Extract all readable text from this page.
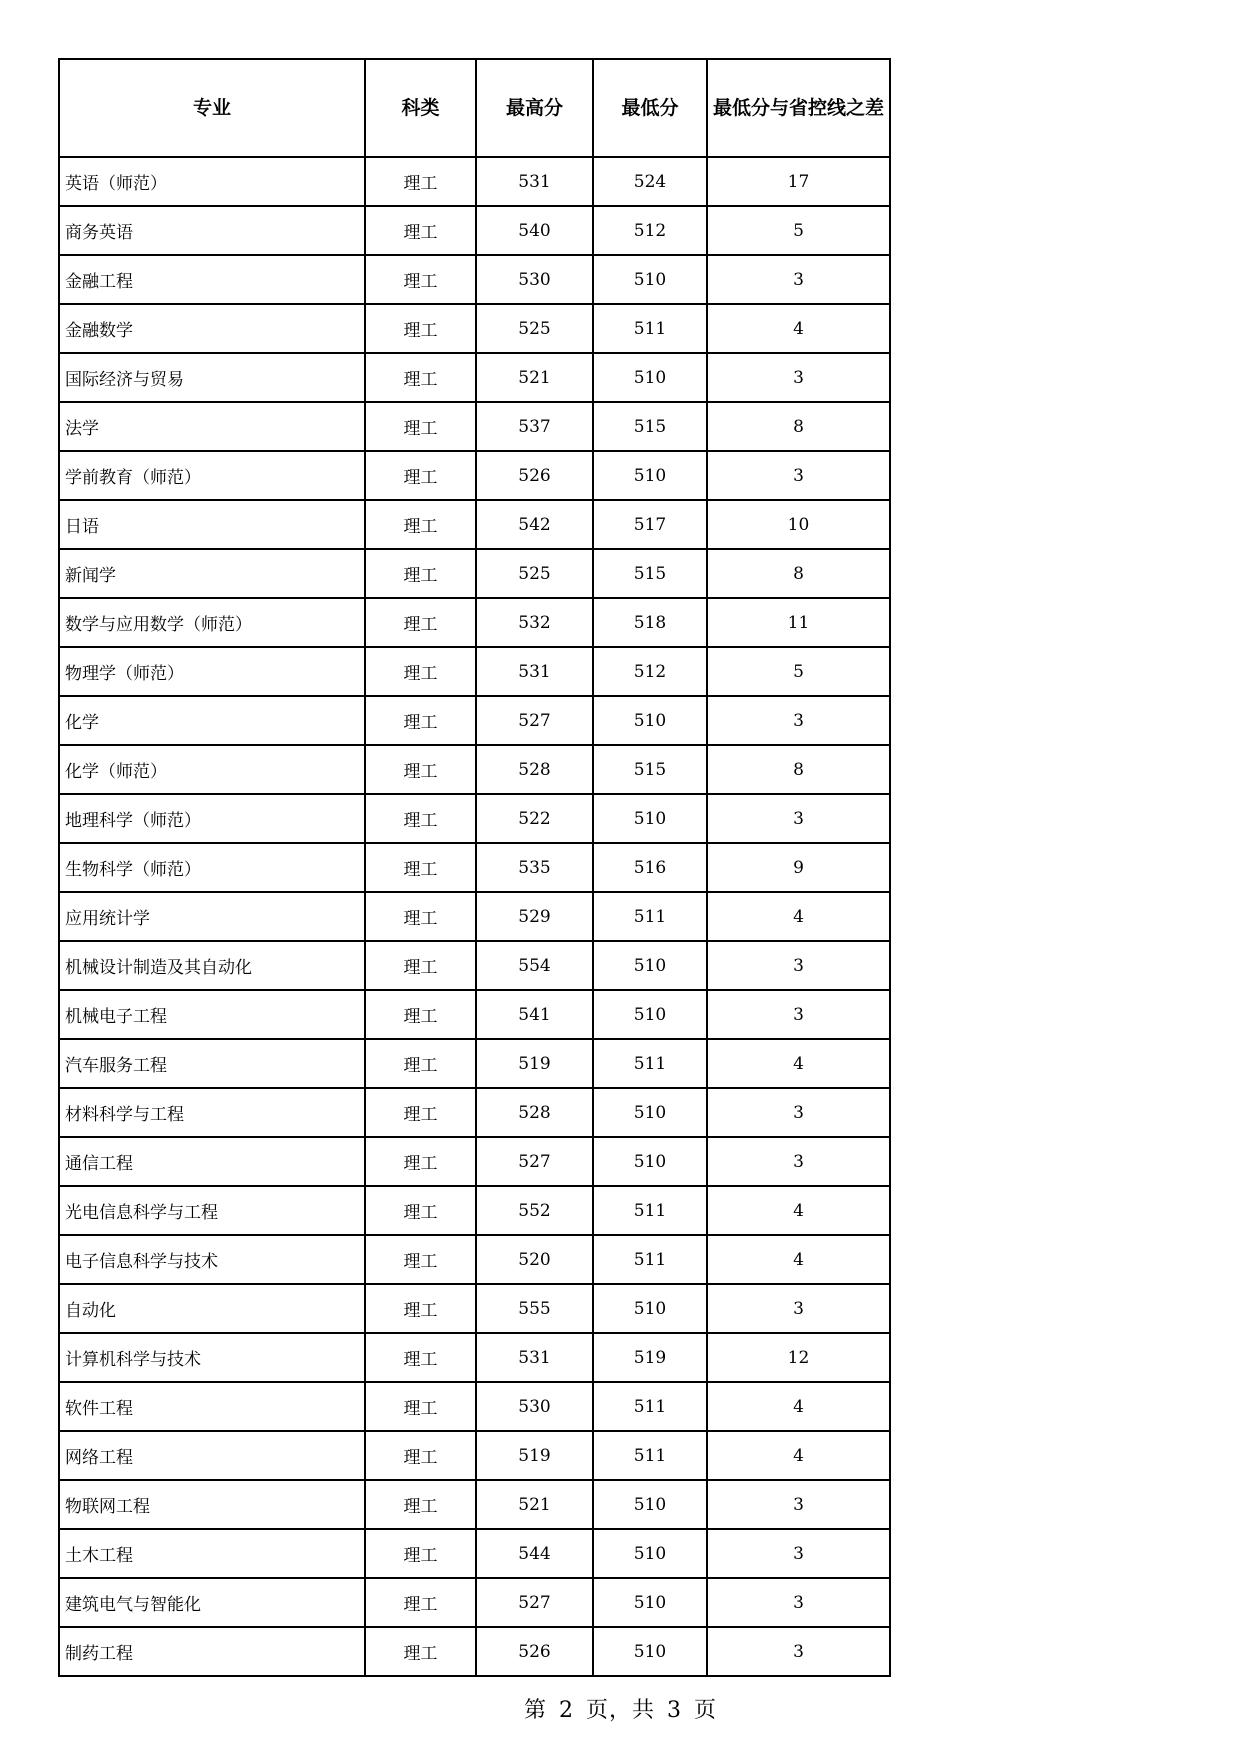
专业	科类	最高分	最低分	最低分与省控线之差
英语（师范）	理工	531	524	17
商务英语	理工	540	512	5
金融工程	理工	530	510	3
金融数学	理工	525	511	4
国际经济与贸易	理工	521	510	3
法学	理工	537	515	8
学前教育（师范）	理工	526	510	3
日语	理工	542	517	10
新闻学	理工	525	515	8
数学与应用数学（师范）	理工	532	518	11
物理学（师范）	理工	531	512	5
化学	理工	527	510	3
化学（师范）	理工	528	515	8
地理科学（师范）	理工	522	510	3
生物科学（师范）	理工	535	516	9
应用统计学	理工	529	511	4
机械设计制造及其自动化	理工	554	510	3
机械电子工程	理工	541	510	3
汽车服务工程	理工	519	511	4
材料科学与工程	理工	528	510	3
通信工程	理工	527	510	3
光电信息科学与工程	理工	552	511	4
电子信息科学与技术	理工	520	511	4
自动化	理工	555	510	3
计算机科学与技术	理工	531	519	12
软件工程	理工	530	511	4
网络工程	理工	519	511	4
物联网工程	理工	521	510	3
土木工程	理工	544	510	3
建筑电气与智能化	理工	527	510	3
制药工程	理工	526	510	3
第 2 页，共 3 页
